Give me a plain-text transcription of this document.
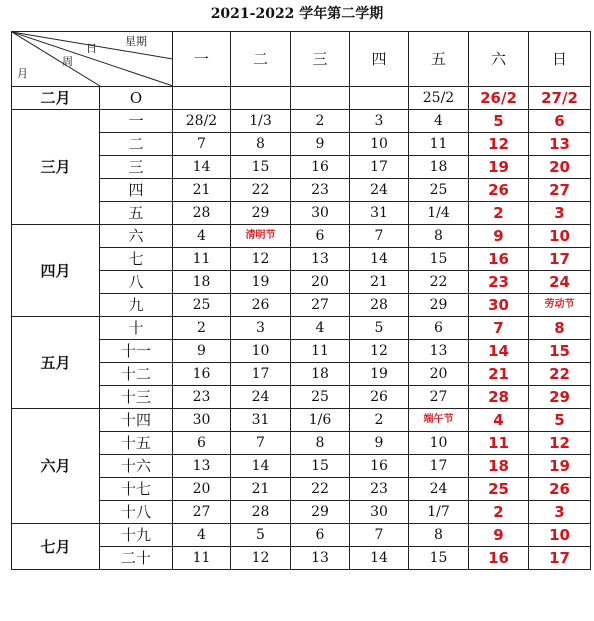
2021-2022 学年第二学期
月
周
日
星期		一	二	三	四	五	六	日
二月	O					25/2	26/2	27/2
三月	一	28/2	1/3	2	3	4	5	6
	二	7	8	9	10	11	12	13
	三	14	15	16	17	18	19	20
	四	21	22	23	24	25	26	27
	五	28	29	30	31	1/4	2	3
四月	六	4	清明节	6	7	8	9	10
	七	11	12	13	14	15	16	17
	八	18	19	20	21	22	23	24
	九	25	26	27	28	29	30	劳动节
五月	十	2	3	4	5	6	7	8
	十一	9	10	11	12	13	14	15
	十二	16	17	18	19	20	21	22
	十三	23	24	25	26	27	28	29
六月	十四	30	31	1/6	2	端午节	4	5
	十五	6	7	8	9	10	11	12
	十六	13	14	15	16	17	18	19
	十七	20	21	22	23	24	25	26
	十八	27	28	29	30	1/7	2	3
七月	十九	4	5	6	7	8	9	10
	二十	11	12	13	14	15	16	17
